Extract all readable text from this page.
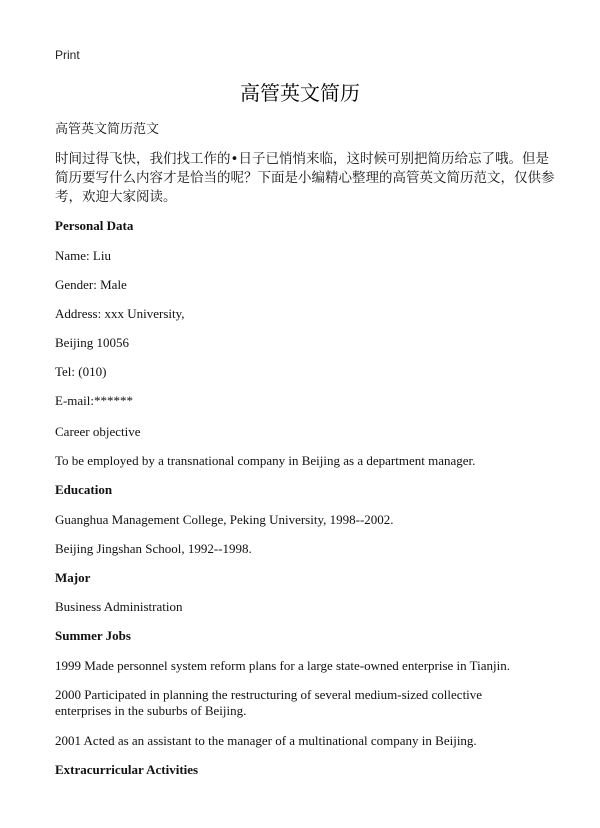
Print
高管英文简历
高管英文简历范文
时间过得飞快，我们找工作的•日子已悄悄来临，这时候可别把简历给忘了哦。但是简历要写什么内容才是恰当的呢？下面是小编精心整理的高管英文简历范文，仅供参考，欢迎大家阅读。
Personal Data
Name: Liu
Gender: Male
Address: xxx University,
Beijing 10056
Tel: (010)
E-mail:******
Career objective
To be employed by a transnational company in Beijing as a department manager.
Education
Guanghua Management College, Peking University, 1998--2002.
Beijing Jingshan School, 1992--1998.
Major
Business Administration
Summer Jobs
1999 Made personnel system reform plans for a large state-owned enterprise in Tianjin.
2000 Participated in planning the restructuring of several medium-sized collective enterprises in the suburbs of Beijing.
2001 Acted as an assistant to the manager of a multinational company in Beijing.
Extracurricular Activities
